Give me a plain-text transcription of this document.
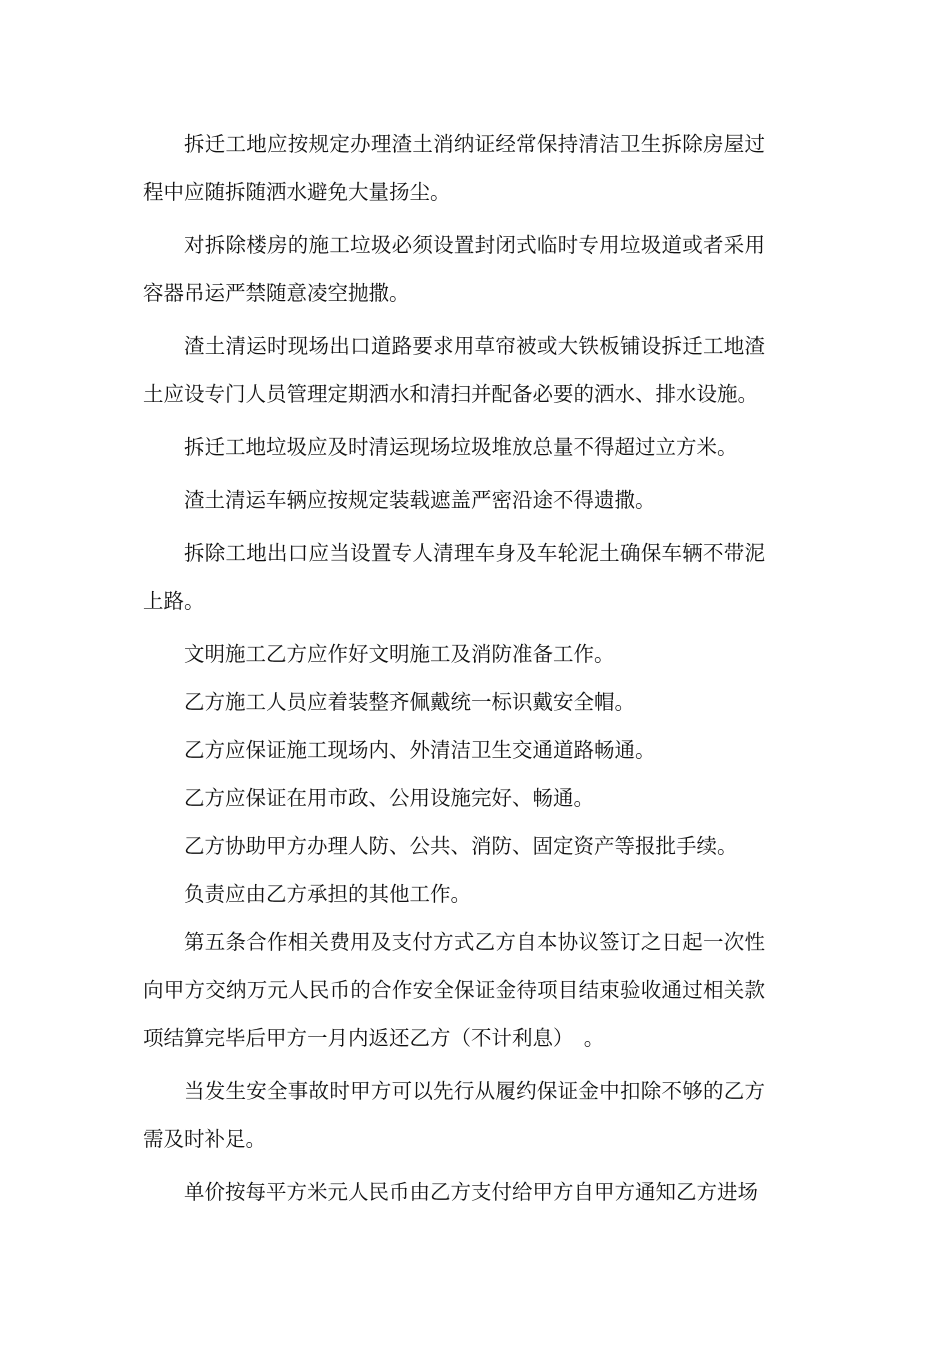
拆迁工地应按规定办理渣土消纳证经常保持清洁卫生拆除房屋过程中应随拆随洒水避免大量扬尘。

对拆除楼房的施工垃圾必须设置封闭式临时专用垃圾道或者采用容器吊运严禁随意凌空抛撒。

渣土清运时现场出口道路要求用草帘被或大铁板铺设拆迁工地渣土应设专门人员管理定期洒水和清扫并配备必要的洒水、排水设施。

拆迁工地垃圾应及时清运现场垃圾堆放总量不得超过立方米。

渣土清运车辆应按规定装载遮盖严密沿途不得遗撒。

拆除工地出口应当设置专人清理车身及车轮泥土确保车辆不带泥上路。

文明施工乙方应作好文明施工及消防准备工作。

乙方施工人员应着装整齐佩戴统一标识戴安全帽。

乙方应保证施工现场内、外清洁卫生交通道路畅通。

乙方应保证在用市政、公用设施完好、畅通。

乙方协助甲方办理人防、公共、消防、固定资产等报批手续。

负责应由乙方承担的其他工作。

第五条合作相关费用及支付方式乙方自本协议签订之日起一次性向甲方交纳万元人民币的合作安全保证金待项目结束验收通过相关款项结算完毕后甲方一月内返还乙方（不计利息）　。

当发生安全事故时甲方可以先行从履约保证金中扣除不够的乙方需及时补足。

单价按每平方米元人民币由乙方支付给甲方自甲方通知乙方进场
